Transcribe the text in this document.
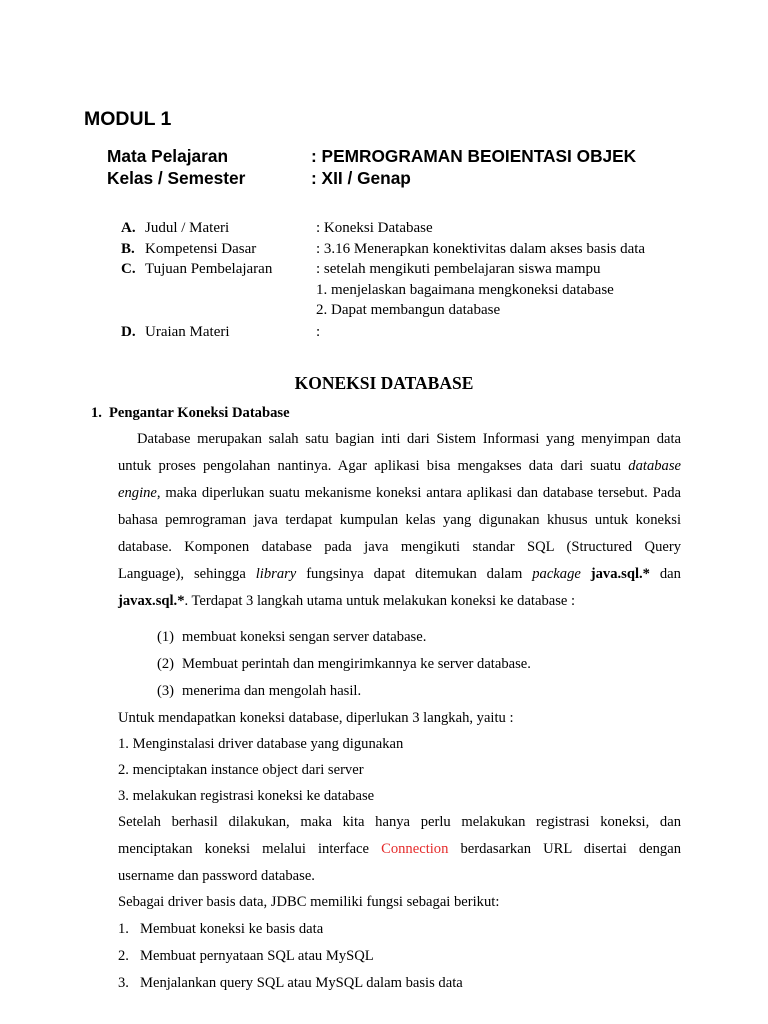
MODUL 1
Mata Pelajaran	: PEMROGRAMAN BEOIENTASI OBJEK
Kelas / Semester	: XII / Genap
A. Judul / Materi	: Koneksi Database
B. Kompetensi Dasar	: 3.16 Menerapkan konektivitas dalam akses basis data
C. Tujuan Pembelajaran	: setelah mengikuti pembelajaran siswa mampu
1. menjelaskan bagaimana mengkoneksi database
2. Dapat membangun database
D. Uraian Materi	:
KONEKSI DATABASE
1. Pengantar Koneksi Database
Database merupakan salah satu bagian inti dari Sistem Informasi yang menyimpan data
untuk proses pengolahan nantinya. Agar aplikasi bisa mengakses data dari suatu database
engine, maka diperlukan suatu mekanisme koneksi antara aplikasi dan database tersebut. Pada
bahasa pemrograman java terdapat kumpulan kelas yang digunakan khusus untuk koneksi
database. Komponen database pada java mengikuti standar SQL (Structured Query
Language), sehingga library fungsinya dapat ditemukan dalam package java.sql.* dan
javax.sql.*. Terdapat 3 langkah utama untuk melakukan koneksi ke database :
(1) membuat koneksi sengan server database.
(2) Membuat perintah dan mengirimkannya ke server database.
(3) menerima dan mengolah hasil.
Untuk mendapatkan koneksi database, diperlukan 3 langkah, yaitu :
1. Menginstalasi driver database yang digunakan
2. menciptakan instance object dari server
3. melakukan registrasi koneksi ke database
Setelah berhasil dilakukan, maka kita hanya perlu melakukan registrasi koneksi, dan
menciptakan koneksi melalui interface Connection berdasarkan URL disertai dengan
username dan password database.
Sebagai driver basis data, JDBC memiliki fungsi sebagai berikut:
1. Membuat koneksi ke basis data
2. Membuat pernyataan SQL atau MySQL
3. Menjalankan query SQL atau MySQL dalam basis data
